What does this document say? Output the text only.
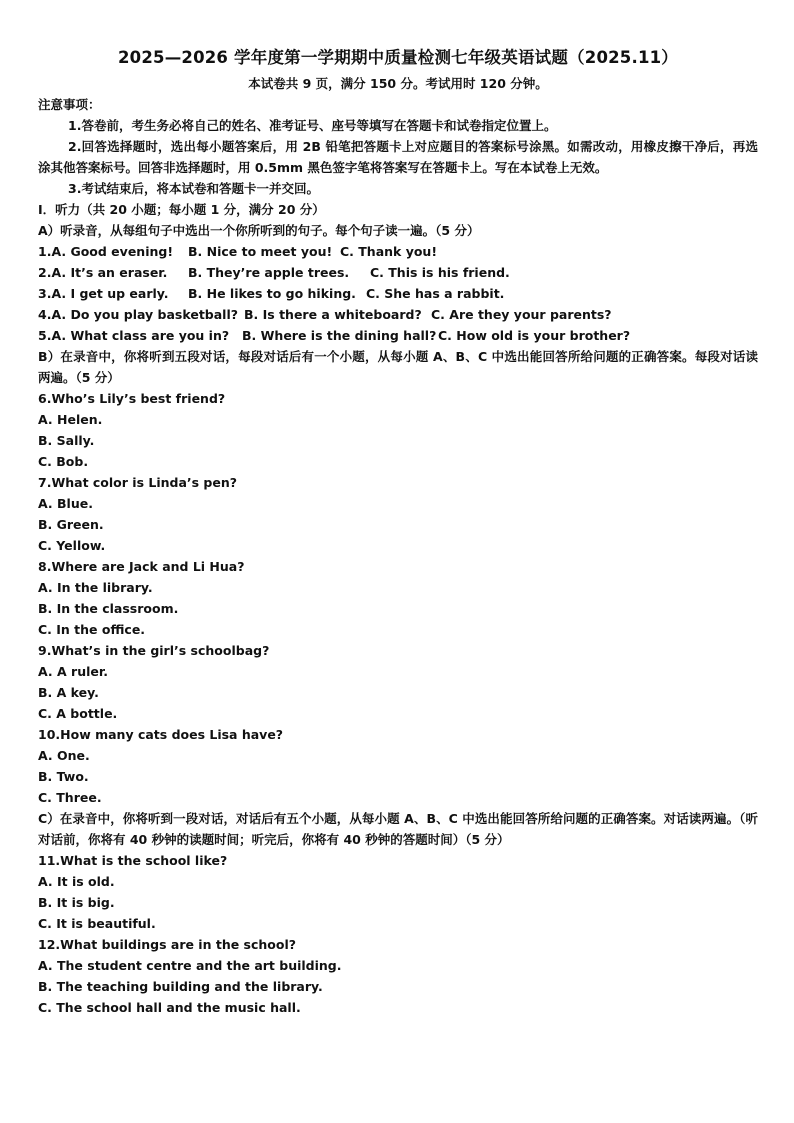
2025—2026 学年度第一学期期中质量检测七年级英语试题（2025.11）

本试卷共 9 页，满分 150 分。考试用时 120 分钟。

注意事项：

1.答卷前，考生务必将自己的姓名、准考证号、座号等填写在答题卡和试卷指定位置上。

2.回答选择题时，选出每小题答案后，用 2B 铅笔把答题卡上对应题目的答案标号涂黑。如需改动，用橡皮擦干净后，再选涂其他答案标号。回答非选择题时，用 0.5mm 黑色签字笔将答案写在答题卡上。写在本试卷上无效。

3.考试结束后，将本试卷和答题卡一并交回。

Ⅰ．听力（共 20 小题；每小题 1 分，满分 20 分）

A）听录音，从每组句子中选出一个你所听到的句子。每个句子读一遍。（5 分）

1.A. Good evening!	B. Nice to meet you! C. Thank you!
2.A. It’s an eraser.	B. They’re apple trees.	C. This is his friend.
3.A. I get up early.	B. He likes to go hiking. C. She has a rabbit.
4.A. Do you play basketball? B. Is there a whiteboard? C. Are they your parents?
5.A. What class are you in?	B. Where is the dining hall? C. How old is your brother?

B）在录音中，你将听到五段对话，每段对话后有一个小题，从每小题 A、B、C 中选出能回答所给问题的正确答案。每段对话读两遍。（5 分）

6.Who’s Lily’s best friend?

A. Helen.

B. Sally.

C. Bob.

7.What color is Linda’s pen?

A. Blue.

B. Green.

C. Yellow.

8.Where are Jack and Li Hua?

A. In the library.

B. In the classroom.

C. In the office.

9.What’s in the girl’s schoolbag?

A. A ruler.

B. A key.

C. A bottle.

10.How many cats does Lisa have?

A. One.

B. Two.

C. Three.

C）在录音中，你将听到一段对话，对话后有五个小题，从每小题 A、B、C 中选出能回答所给问题的正确答案。对话读两遍。（听对话前，你将有 40 秒钟的读题时间；听完后，你将有 40 秒钟的答题时间）（5 分）

11.What is the school like?

A. It is old.

B. It is big.

C. It is beautiful.

12.What buildings are in the school?

A. The student centre and the art building.

B. The teaching building and the library.

C. The school hall and the music hall.
